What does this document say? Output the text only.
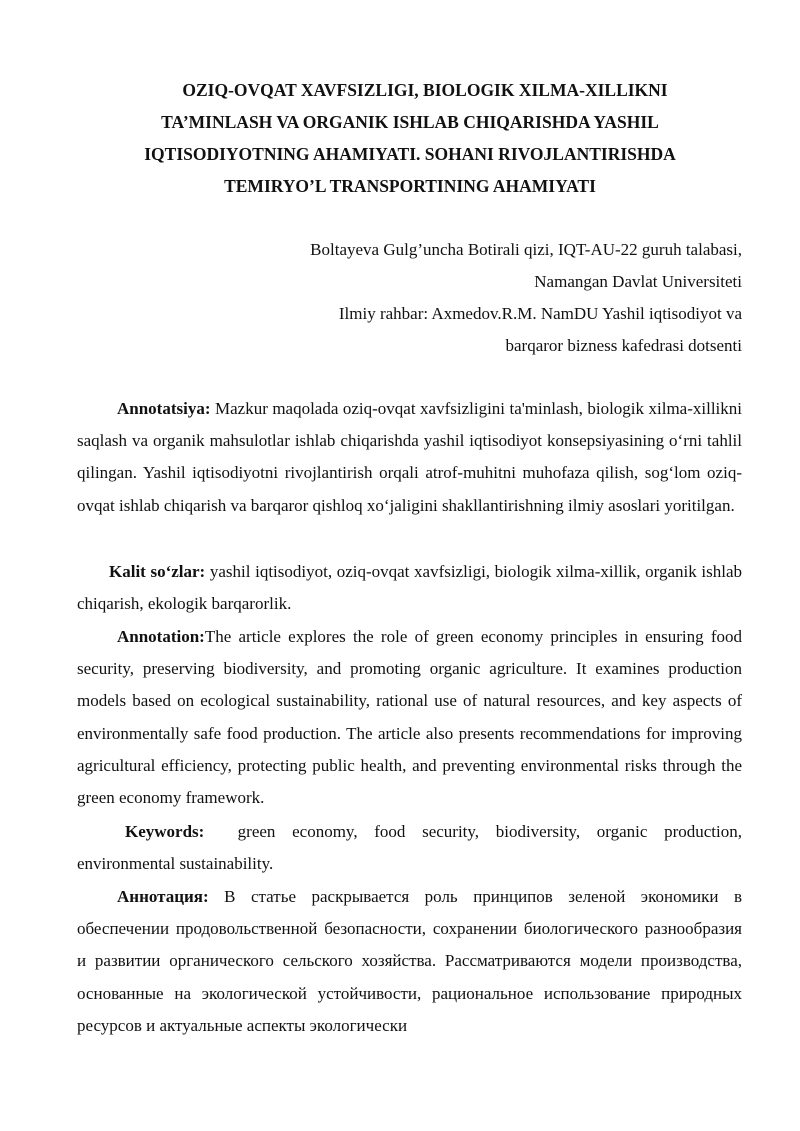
OZIQ-OVQAT XAVFSIZLIGI, BIOLOGIK XILMA-XILLIKNI
TA’MINLASH VA ORGANIK ISHLAB CHIQARISHDA YASHIL
IQTISODIYOTNING AHAMIYATI. SOHANI RIVOJLANTIRISHDA
TEMIRYO’L TRANSPORTINING AHAMIYATI
Boltayeva Gulg’uncha Botirali qizi, IQT-AU-22 guruh talabasi,
Namangan Davlat Universiteti
Ilmiy rahbar: Axmedov.R.M. NamDU Yashil iqtisodiyot va
barqaror bizness kafedrasi dotsenti

Annotatsiya: Mazkur maqolada oziq-ovqat xavfsizligini ta'minlash, biologik xilma-xillikni saqlash va organik mahsulotlar ishlab chiqarishda yashil iqtisodiyot konsepsiyasining oʻrni tahlil qilingan. Yashil iqtisodiyotni rivojlantirish orqali atrof-muhitni muhofaza qilish, sogʻlom oziq-ovqat ishlab chiqarish va barqaror qishloq xoʻjaligini shakllantirishning ilmiy asoslari yoritilgan.

Kalit soʻzlar: yashil iqtisodiyot, oziq-ovqat xavfsizligi, biologik xilma-xillik, organik ishlab chiqarish, ekologik barqarorlik.

Annotation:The article explores the role of green economy principles in ensuring food security, preserving biodiversity, and promoting organic agriculture. It examines production models based on ecological sustainability, rational use of natural resources, and key aspects of environmentally safe food production. The article also presents recommendations for improving agricultural efficiency, protecting public health, and preventing environmental risks through the green economy framework.

Keywords:  green economy, food security, biodiversity, organic production, environmental sustainability.

Аннотация: В статье раскрывается роль принципов зеленой экономики в обеспечении продовольственной безопасности, сохранении биологического разнообразия и развитии органического сельского хозяйства. Рассматриваются модели производства, основанные на экологической устойчивости, рациональное использование природных ресурсов и актуальные аспекты экологически
